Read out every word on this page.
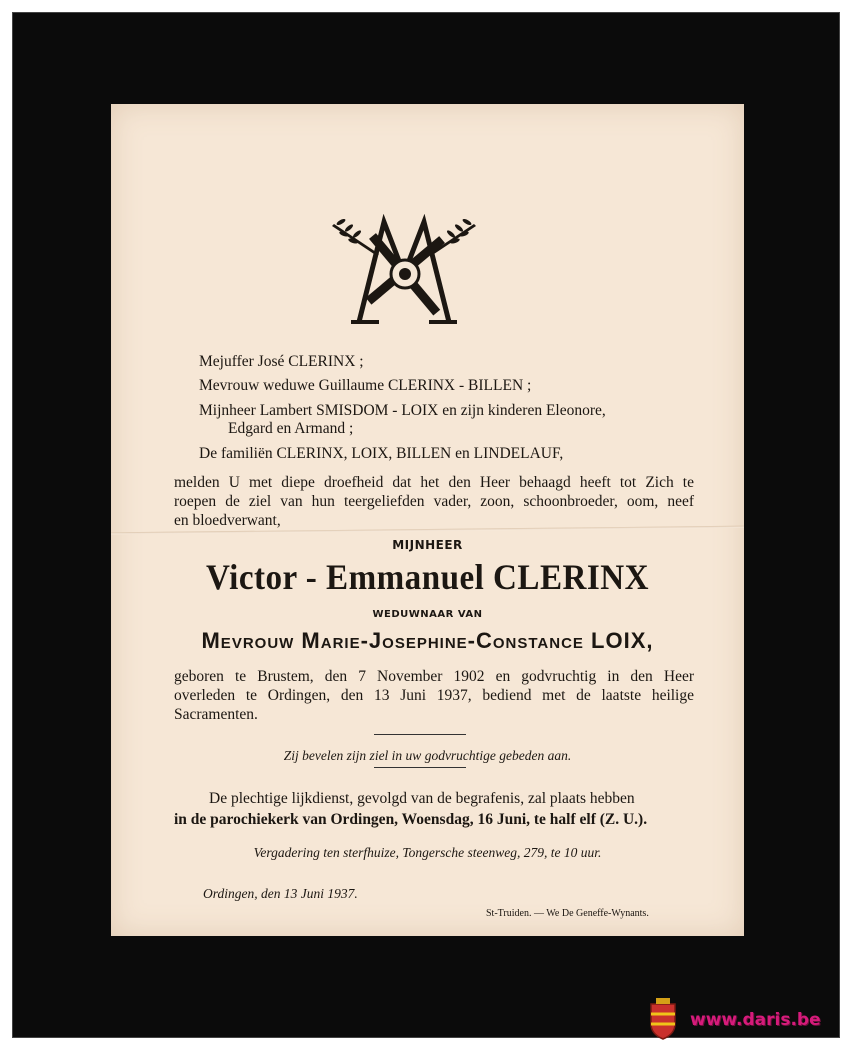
Mejuffer José CLERINX ;
Mevrouw weduwe Guillaume CLERINX - BILLEN ;
Mijnheer Lambert SMISDOM - LOIX en zijn kinderen Eleonore,
Edgard en Armand ;
De familiën CLERINX, LOIX, BILLEN en LINDELAUF,
melden U met diepe droefheid dat het den Heer behaagd heeft tot Zich te
roepen de ziel van hun teergeliefden vader, zoon, schoonbroeder, oom, neef
en bloedverwant,
MIJNHEER
Victor - Emmanuel CLERINX
WEDUWNAAR VAN
Mevrouw Marie-Josephine-Constance LOIX,
geboren te Brustem, den 7 November 1902 en godvruchtig in den Heer
overleden te Ordingen, den 13 Juni 1937, bediend met de laatste heilige
Sacramenten.
Zij bevelen zijn ziel in uw godvruchtige gebeden aan.
De plechtige lijkdienst, gevolgd van de begrafenis, zal plaats hebben
in de parochiekerk van Ordingen, Woensdag, 16 Juni, te half elf (Z. U.).
Vergadering ten sterfhuize, Tongersche steenweg, 279, te 10 uur.
Ordingen, den 13 Juni 1937.
St-Truiden. — We De Geneffe-Wynants.
www.daris.be
